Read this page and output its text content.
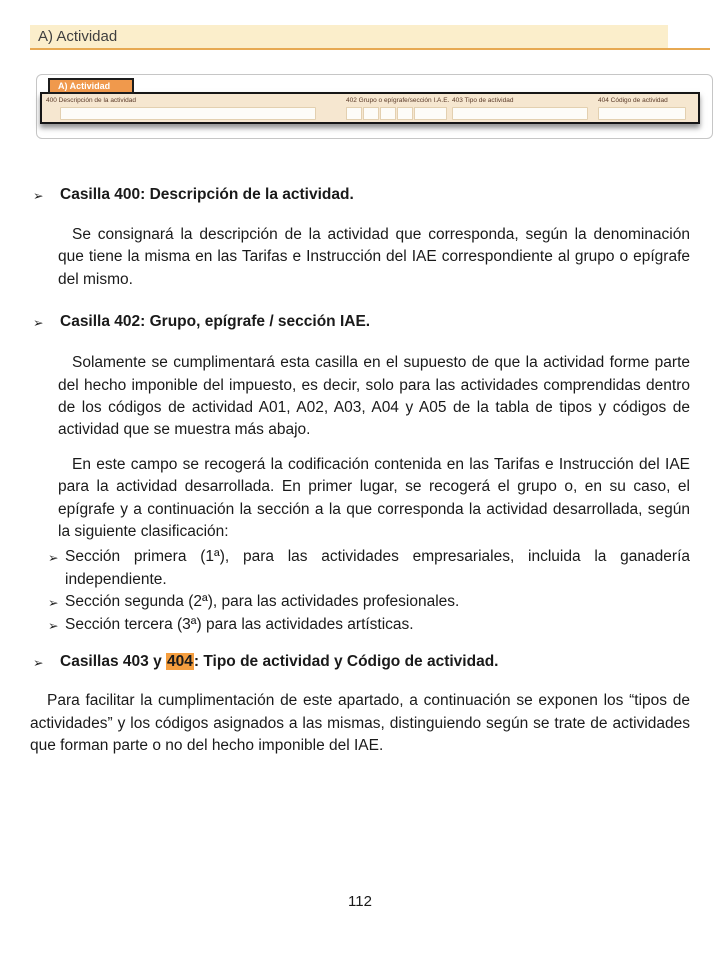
A) Actividad
A) Actividad
400 Descripción de la actividad	402 Grupo o epígrafe/sección I.A.E. 403 Tipo de actividad	404 Código de actividad
➢ Casilla 400: Descripción de la actividad.

Se consignará la descripción de la actividad que corresponda, según la denominación que tiene la misma en las Tarifas e Instrucción del IAE correspondiente al grupo o epígrafe del mismo.

➢ Casilla 402: Grupo, epígrafe / sección IAE.

Solamente se cumplimentará esta casilla en el supuesto de que la actividad forme parte del hecho imponible del impuesto, es decir, solo para las actividades comprendidas dentro de los códigos de actividad A01, A02, A03, A04 y A05 de la tabla de tipos y códigos de actividad que se muestra más abajo.

En este campo se recogerá la codificación contenida en las Tarifas e Instrucción del IAE para la actividad desarrollada. En primer lugar, se recogerá el grupo o, en su caso, el epígrafe y a continuación la sección a la que corresponda la actividad desarrollada, según la siguiente clasificación:

➢ Sección primera (1ª), para las actividades empresariales, incluida la ganadería independiente.
➢ Sección segunda (2ª), para las actividades profesionales.
➢ Sección tercera (3ª) para las actividades artísticas.
➢ Casillas 403 y 404: Tipo de actividad y Código de actividad.

Para facilitar la cumplimentación de este apartado, a continuación se exponen los “tipos de actividades” y los códigos asignados a las mismas, distinguiendo según se trate de actividades que forman parte o no del hecho imponible del IAE.

112
